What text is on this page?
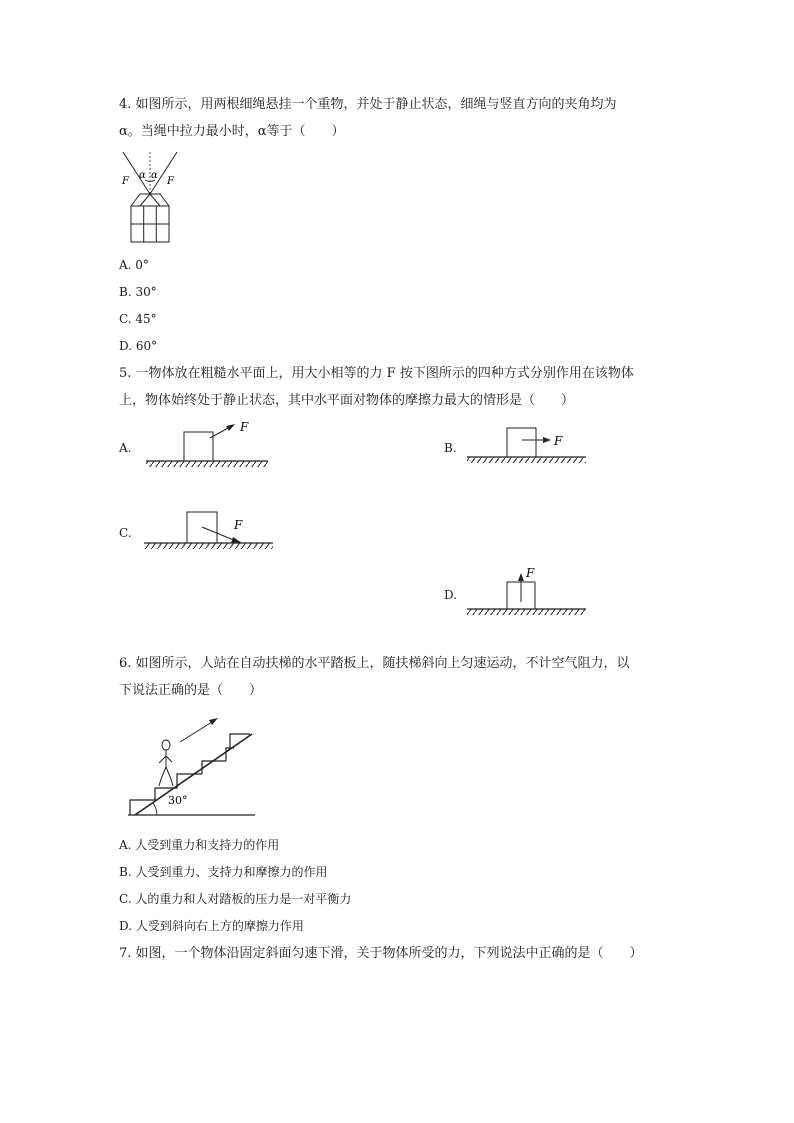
4. 如图所示，用两根细绳悬挂一个重物，并处于静止状态，细绳与竖直方向的夹角均为
α。当绳中拉力最小时，α等于（　　）
F	F
α α
A. 0°
B. 30°
C. 45°
D. 60°
5. 一物体放在粗糙水平面上，用大小相等的力 F 按下图所示的四种方式分别作用在该物体
上，物体始终处于静止状态，其中水平面对物体的摩擦力最大的情形是（　　）
A.
F
B.	F
C.
F
D.
F
6. 如图所示，人站在自动扶梯的水平踏板上，随扶梯斜向上匀速运动，不计空气阻力，以
下说法正确的是（　　）
30°
A. 人受到重力和支持力的作用
B. 人受到重力、支持力和摩擦力的作用
C. 人的重力和人对踏板的压力是一对平衡力
D. 人受到斜向右上方的摩擦力作用
7. 如图，一个物体沿固定斜面匀速下滑，关于物体所受的力，下列说法中正确的是（　　）
